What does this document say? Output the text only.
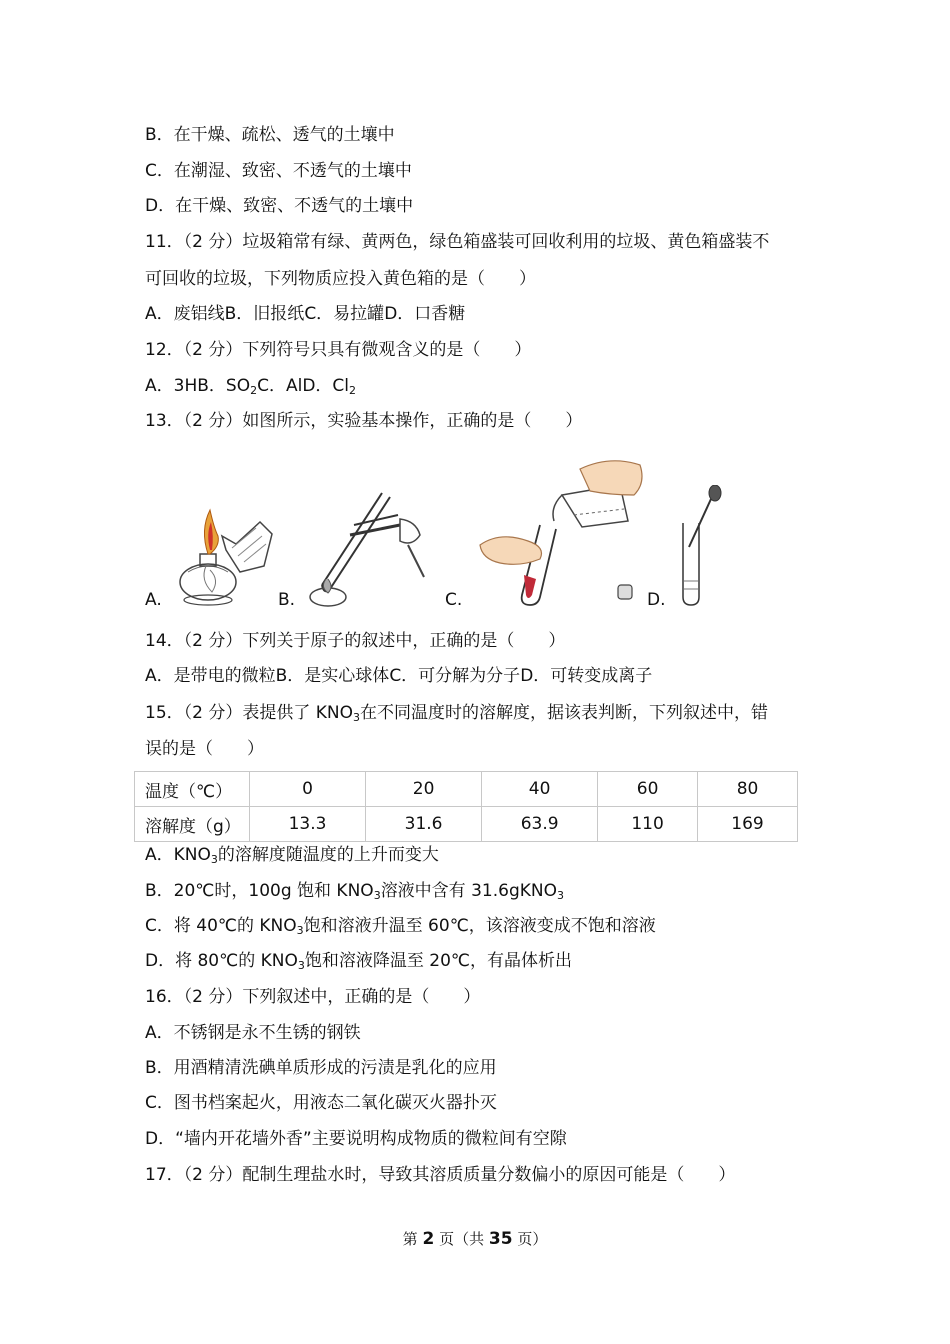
B．在干燥、疏松、透气的土壤中
C．在潮湿、致密、不透气的土壤中
D．在干燥、致密、不透气的土壤中
11．（2 分）垃圾箱常有绿、黄两色，绿色箱盛装可回收利用的垃圾、黄色箱盛装不
可回收的垃圾，下列物质应投入黄色箱的是（　　）
A．废铝线B．旧报纸C．易拉罐D．口香糖
12．（2 分）下列符号只具有微观含义的是（　　）
A．3HB．$SO_2C$．AlD．$Cl_2$
13．（2 分）如图所示，实验基本操作，正确的是（　　）
A.	B.	C.	D.
14．（2 分）下列关于原子的叙述中，正确的是（　　）
A．是带电的微粒B．是实心球体C．可分解为分子D．可转变成离子
15．（2 分）表提供了 $KNO_3$在不同温度时的溶解度，据该表判断，下列叙述中，错
误的是（　　）
温度（℃）	0	20	40	60	80
溶解度（g）	13.3	31.6	63.9	110	169
A．$KNO_3$的溶解度随温度的上升而变大
B．20℃时，100g 饱和 $KNO_3$溶液中含有 31.6gKNO$_3$
C．将 40℃的 $KNO_3$饱和溶液升温至 60℃，该溶液变成不饱和溶液
D．将 80℃的 $KNO_3$饱和溶液降温至 20℃，有晶体析出
16．（2 分）下列叙述中，正确的是（　　）
A．不锈钢是永不生锈的钢铁
B．用酒精清洗碘单质形成的污渍是乳化的应用
C．图书档案起火，用液态二氧化碳灭火器扑灭
D．“墙内开花墙外香”主要说明构成物质的微粒间有空隙
17．（2 分）配制生理盐水时，导致其溶质质量分数偏小的原因可能是（　　）
第 2 页（共 35 页）
